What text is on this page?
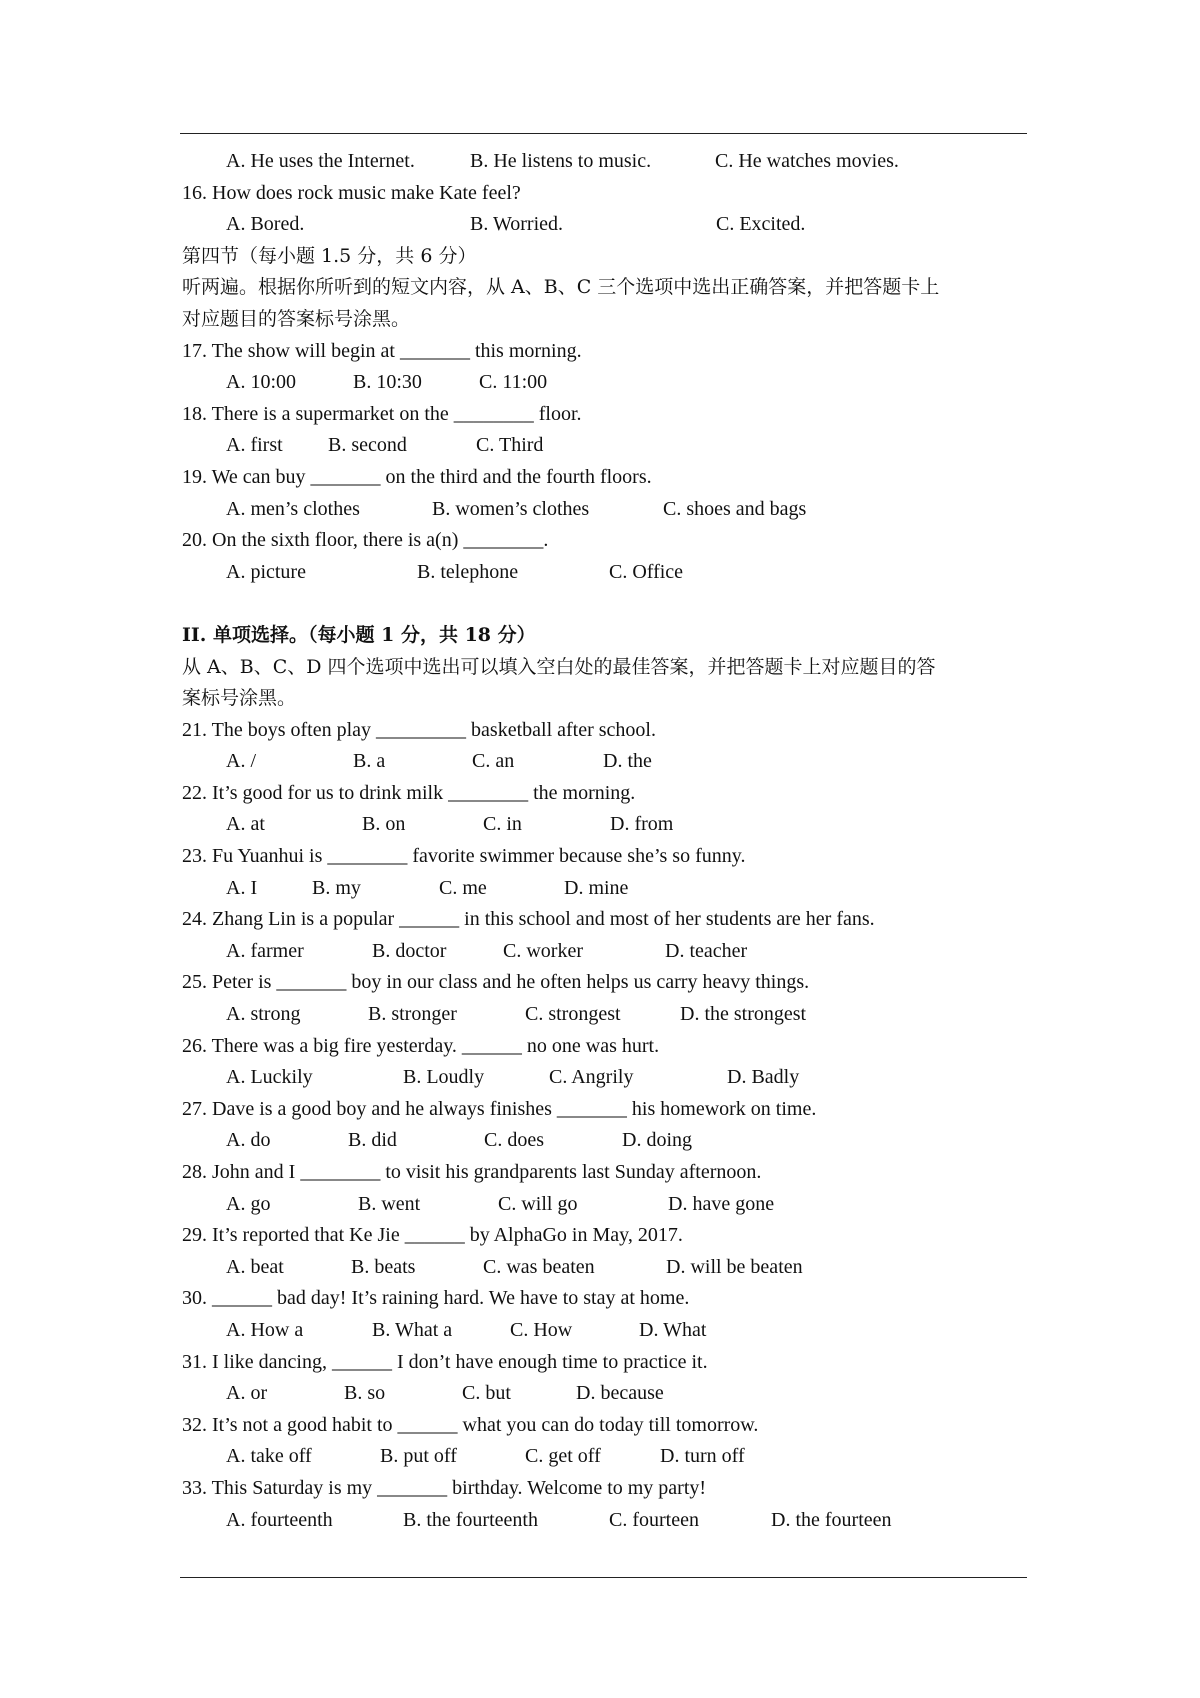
A. He uses the Internet.	B. He listens to music.	C. He watches movies.
16. How does rock music make Kate feel?
A. Bored.	B. Worried.	C. Excited.
第四节（每小题 1.5 分，共 6 分）
听两遍。根据你所听到的短文内容，从 A、B、C 三个选项中选出正确答案，并把答题卡上
对应题目的答案标号涂黑。
17. The show will begin at _______ this morning.
A. 10:00	B. 10:30	C. 11:00
18. There is a supermarket on the ________ floor.
A. first B. second	C. Third
19. We can buy _______ on the third and the fourth floors.
A. men’s clothes	B. women’s clothes	C. shoes and bags
20. On the sixth floor, there is a(n) ________.
A. picture	B. telephone	C. Office
II. 单项选择。（每小题 1 分，共 18 分）
从 A、B、C、D 四个选项中选出可以填入空白处的最佳答案，并把答题卡上对应题目的答
案标号涂黑。
21. The boys often play _________ basketball after school.
A. /	B. a	C. an	D. the
22. It’s good for us to drink milk ________ the morning.
A. at	B. on	C. in	D. from
23. Fu Yuanhui is ________ favorite swimmer because she’s so funny.
A. I	B. my	C. me	D. mine
24. Zhang Lin is a popular ______ in this school and most of her students are her fans.
A. farmer	B. doctor	C. worker	D. teacher
25. Peter is _______ boy in our class and he often helps us carry heavy things.
A. strong	B. stronger	C. strongest	D. the strongest
26. There was a big fire yesterday. ______ no one was hurt.
A. Luckily	B. Loudly	C. Angrily	D. Badly
27. Dave is a good boy and he always finishes _______ his homework on time.
A. do	B. did	C. does	D. doing
28. John and I ________ to visit his grandparents last Sunday afternoon.
A. go	B. went	C. will go	D. have gone
29. It’s reported that Ke Jie ______ by AlphaGo in May, 2017.
A. beat	B. beats	C. was beaten	D. will be beaten
30. ______ bad day! It’s raining hard. We have to stay at home.
A. How a	B. What a	C. How	D. What
31. I like dancing, ______ I don’t have enough time to practice it.
A. or	B. so	C. but	D. because
32. It’s not a good habit to ______ what you can do today till tomorrow.
A. take off	B. put off	C. get off	D. turn off
33. This Saturday is my _______ birthday. Welcome to my party!
A. fourteenth	B. the fourteenth	C. fourteen	D. the fourteen
